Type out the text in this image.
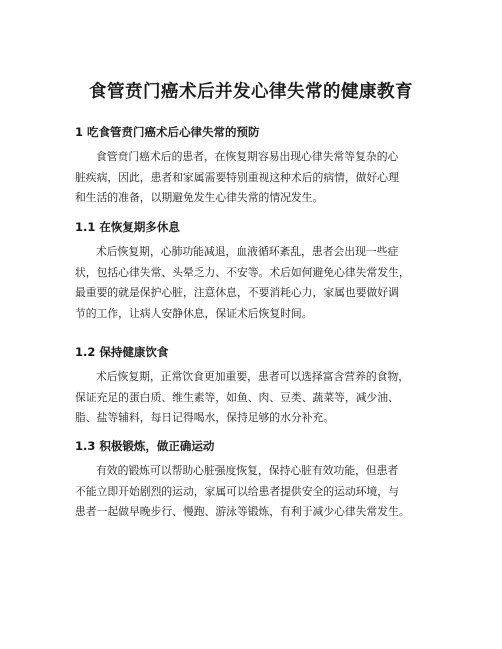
食管贲门癌术后并发心律失常的健康教育
1 吃食管贲门癌术后心律失常的预防

食管贲门癌术后的患者，在恢复期容易出现心律失常等复杂的心
脏疾病，因此，患者和家属需要特别重视这种术后的病情，做好心理
和生活的准备，以期避免发生心律失常的情况发生。

1.1 在恢复期多休息

术后恢复期，心肺功能减退，血液循环紊乱，患者会出现一些症
状，包括心律失常、头晕乏力、不安等。术后如何避免心律失常发生，
最重要的就是保护心脏，注意休息，不要消耗心力，家属也要做好调
节的工作，让病人安静休息，保证术后恢复时间。

1.2 保持健康饮食

术后恢复期，正常饮食更加重要，患者可以选择富含营养的食物，
保证充足的蛋白质、维生素等，如鱼、肉、豆类、蔬菜等，减少油、
脂、盐等辅料，每日记得喝水，保持足够的水分补充。

1.3 积极锻炼，做正确运动

有效的锻炼可以帮助心脏强度恢复，保持心脏有效功能，但患者
不能立即开始剧烈的运动，家属可以给患者提供安全的运动环境，与
患者一起做早晚步行、慢跑、游泳等锻炼，有利于减少心律失常发生。
